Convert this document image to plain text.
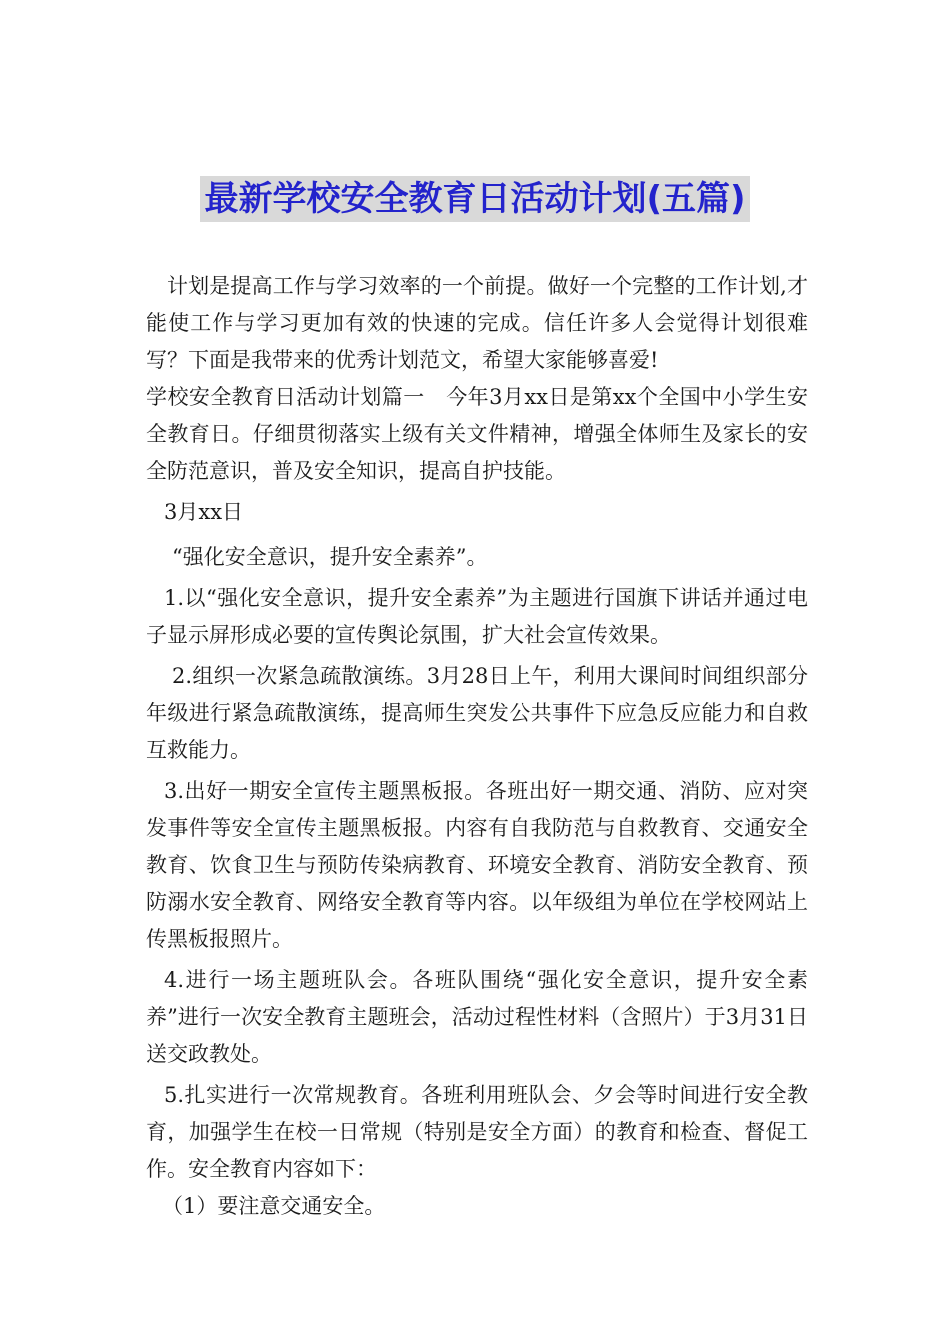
最新学校安全教育日活动计划(五篇)

计划是提高工作与学习效率的一个前提。做好一个完整的工作计划,才能使工作与学习更加有效的快速的完成。信任许多人会觉得计划很难写？下面是我带来的优秀计划范文，希望大家能够喜爱!

学校安全教育日活动计划篇一　今年3月xx日是第xx个全国中小学生安全教育日。仔细贯彻落实上级有关文件精神，增强全体师生及家长的安全防范意识，普及安全知识，提高自护技能。

3月xx日

“强化安全意识，提升安全素养”。

1.以“强化安全意识，提升安全素养”为主题进行国旗下讲话并通过电子显示屏形成必要的宣传舆论氛围，扩大社会宣传效果。

2.组织一次紧急疏散演练。3月28日上午，利用大课间时间组织部分年级进行紧急疏散演练，提高师生突发公共事件下应急反应能力和自救互救能力。

3.出好一期安全宣传主题黑板报。各班出好一期交通、消防、应对突发事件等安全宣传主题黑板报。内容有自我防范与自救教育、交通安全教育、饮食卫生与预防传染病教育、环境安全教育、消防安全教育、预防溺水安全教育、网络安全教育等内容。以年级组为单位在学校网站上传黑板报照片。

4.进行一场主题班队会。各班队围绕“强化安全意识，提升安全素养”进行一次安全教育主题班会，活动过程性材料（含照片）于3月31日送交政教处。

5.扎实进行一次常规教育。各班利用班队会、夕会等时间进行安全教育，加强学生在校一日常规（特别是安全方面）的教育和检查、督促工作。安全教育内容如下：

（1）要注意交通安全。
